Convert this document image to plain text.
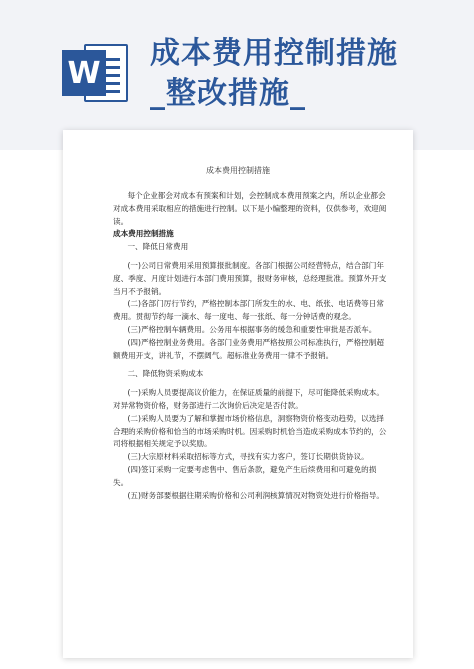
W
成本费用控制措施
_整改措施_
成本费用控制措施

每个企业都会对成本有预案和计划，会控制成本费用预案之内，所以企业都会对成本费用采取相应的措施进行控制。以下是小编整理的资料，仅供参考，欢迎阅读。

成本费用控制措施

一、降低日常费用

(一)公司日常费用采用预算报批制度。各部门根据公司经营特点，结合部门年度、季度、月度计划进行本部门费用预算，报财务审核，总经理批准。预算外开支当月不予报销。

(二)各部门厉行节约，严格控制本部门所发生的水、电、纸张、电话费等日常费用。贯彻节约每一滴水、每一度电、每一张纸、每一分钟话费的观念。

(三)严格控制车辆费用。公务用车根据事务的缓急和重要性审批是否派车。

(四)严格控制业务费用。各部门业务费用严格按照公司标准执行，严格控制超额费用开支，讲礼节，不摆阔气。超标准业务费用一律不予报销。

二、降低物资采购成本

(一)采购人员要提高议价能力，在保证质量的前提下，尽可能降低采购成本。对异常物资价格，财务部进行二次询价后决定是否付款。

(二)采购人员要为了解和掌握市场价格信息，洞察物资价格变动趋势，以选择合理的采购价格和恰当的市场采购时机。因采购时机恰当造成采购成本节约的，公司将根据相关规定予以奖励。

(三)大宗原材料采取招标等方式，寻找有实力客户，签订长期供货协议。

(四)签订采购一定要考虑售中、售后条款，避免产生后续费用和可避免的损失。

(五)财务部要根据往期采购价格和公司利润核算情况对物资处进行价格指导。
